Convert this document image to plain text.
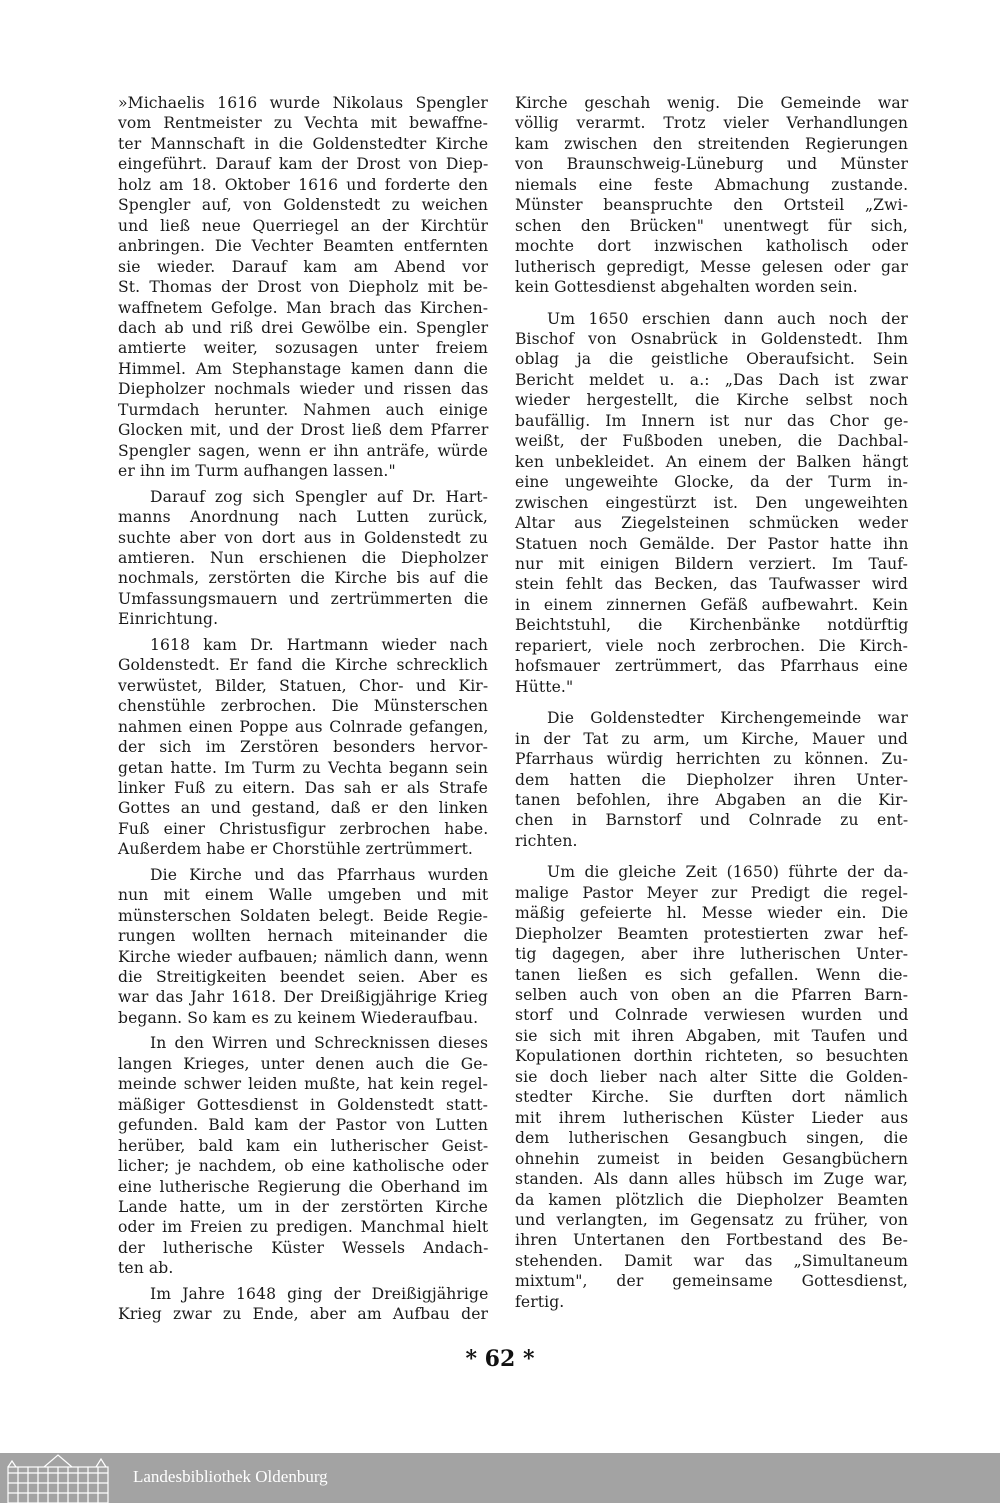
»Michaelis 1616 wurde Nikolaus Spengler
vom Rentmeister zu Vechta mit bewaffne-
ter Mannschaft in die Goldenstedter Kirche
eingeführt. Darauf kam der Drost von Diep-
holz am 18. Oktober 1616 und forderte den
Spengler auf, von Goldenstedt zu weichen
und ließ neue Querriegel an der Kirchtür
anbringen. Die Vechter Beamten entfernten
sie wieder. Darauf kam am Abend vor
St. Thomas der Drost von Diepholz mit be-
waffnetem Gefolge. Man brach das Kirchen-
dach ab und riß drei Gewölbe ein. Spengler
amtierte weiter, sozusagen unter freiem
Himmel. Am Stephanstage kamen dann die
Diepholzer nochmals wieder und rissen das
Turmdach herunter. Nahmen auch einige
Glocken mit, und der Drost ließ dem Pfarrer
Spengler sagen, wenn er ihn anträfe, würde
er ihn im Turm aufhangen lassen."
Darauf zog sich Spengler auf Dr. Hart-
manns Anordnung nach Lutten zurück,
suchte aber von dort aus in Goldenstedt zu
amtieren. Nun erschienen die Diepholzer
nochmals, zerstörten die Kirche bis auf die
Umfassungsmauern und zertrümmerten die
Einrichtung.
1618 kam Dr. Hartmann wieder nach
Goldenstedt. Er fand die Kirche schrecklich
verwüstet, Bilder, Statuen, Chor- und Kir-
chenstühle zerbrochen. Die Münsterschen
nahmen einen Poppe aus Colnrade gefangen,
der sich im Zerstören besonders hervor-
getan hatte. Im Turm zu Vechta begann sein
linker Fuß zu eitern. Das sah er als Strafe
Gottes an und gestand, daß er den linken
Fuß einer Christusfigur zerbrochen habe.
Außerdem habe er Chorstühle zertrümmert.
Die Kirche und das Pfarrhaus wurden
nun mit einem Walle umgeben und mit
münsterschen Soldaten belegt. Beide Regie-
rungen wollten hernach miteinander die
Kirche wieder aufbauen; nämlich dann, wenn
die Streitigkeiten beendet seien. Aber es
war das Jahr 1618. Der Dreißigjährige Krieg
begann. So kam es zu keinem Wiederaufbau.
In den Wirren und Schrecknissen dieses
langen Krieges, unter denen auch die Ge-
meinde schwer leiden mußte, hat kein regel-
mäßiger Gottesdienst in Goldenstedt statt-
gefunden. Bald kam der Pastor von Lutten
herüber, bald kam ein lutherischer Geist-
licher; je nachdem, ob eine katholische oder
eine lutherische Regierung die Oberhand im
Lande hatte, um in der zerstörten Kirche
oder im Freien zu predigen. Manchmal hielt
der lutherische Küster Wessels Andach-
ten ab.
Im Jahre 1648 ging der Dreißigjährige
Krieg zwar zu Ende, aber am Aufbau der
Kirche geschah wenig. Die Gemeinde war
völlig verarmt. Trotz vieler Verhandlungen
kam zwischen den streitenden Regierungen
von Braunschweig-Lüneburg und Münster
niemals eine feste Abmachung zustande.
Münster beanspruchte den Ortsteil „Zwi-
schen den Brücken" unentwegt für sich,
mochte dort inzwischen katholisch oder
lutherisch gepredigt, Messe gelesen oder gar
kein Gottesdienst abgehalten worden sein.
Um 1650 erschien dann auch noch der
Bischof von Osnabrück in Goldenstedt. Ihm
oblag ja die geistliche Oberaufsicht. Sein
Bericht meldet u. a.: „Das Dach ist zwar
wieder hergestellt, die Kirche selbst noch
baufällig. Im Innern ist nur das Chor ge-
weißt, der Fußboden uneben, die Dachbal-
ken unbekleidet. An einem der Balken hängt
eine ungeweihte Glocke, da der Turm in-
zwischen eingestürzt ist. Den ungeweihten
Altar aus Ziegelsteinen schmücken weder
Statuen noch Gemälde. Der Pastor hatte ihn
nur mit einigen Bildern verziert. Im Tauf-
stein fehlt das Becken, das Taufwasser wird
in einem zinnernen Gefäß aufbewahrt. Kein
Beichtstuhl, die Kirchenbänke notdürftig
repariert, viele noch zerbrochen. Die Kirch-
hofsmauer zertrümmert, das Pfarrhaus eine
Hütte."
Die Goldenstedter Kirchengemeinde war
in der Tat zu arm, um Kirche, Mauer und
Pfarrhaus würdig herrichten zu können. Zu-
dem hatten die Diepholzer ihren Unter-
tanen befohlen, ihre Abgaben an die Kir-
chen in Barnstorf und Colnrade zu ent-
richten.
Um die gleiche Zeit (1650) führte der da-
malige Pastor Meyer zur Predigt die regel-
mäßig gefeierte hl. Messe wieder ein. Die
Diepholzer Beamten protestierten zwar hef-
tig dagegen, aber ihre lutherischen Unter-
tanen ließen es sich gefallen. Wenn die-
selben auch von oben an die Pfarren Barn-
storf und Colnrade verwiesen wurden und
sie sich mit ihren Abgaben, mit Taufen und
Kopulationen dorthin richteten, so besuchten
sie doch lieber nach alter Sitte die Golden-
stedter Kirche. Sie durften dort nämlich
mit ihrem lutherischen Küster Lieder aus
dem lutherischen Gesangbuch singen, die
ohnehin zumeist in beiden Gesangbüchern
standen. Als dann alles hübsch im Zuge war,
da kamen plötzlich die Diepholzer Beamten
und verlangten, im Gegensatz zu früher, von
ihren Untertanen den Fortbestand des Be-
stehenden. Damit war das „Simultaneum
mixtum", der gemeinsame Gottesdienst,
fertig.
* 62 *
Landesbibliothek Oldenburg
